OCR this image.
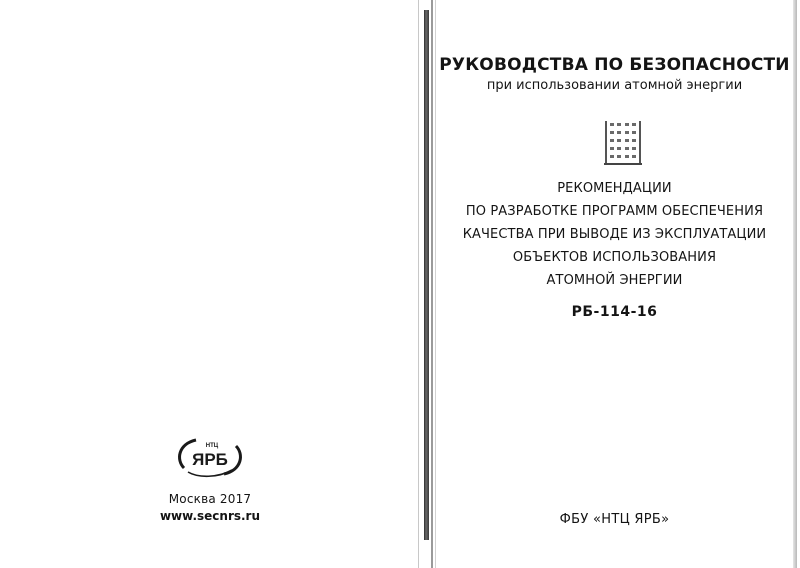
НТЦ
ЯРБ
Москва 2017
www.secnrs.ru
РУКОВОДСТВА ПО БЕЗОПАСНОСТИ
при использовании атомной энергии
РЕКОМЕНДАЦИИ
ПО РАЗРАБОТКЕ ПРОГРАММ ОБЕСПЕЧЕНИЯ
КАЧЕСТВА ПРИ ВЫВОДЕ ИЗ ЭКСПЛУАТАЦИИ
ОБЪЕКТОВ ИСПОЛЬЗОВАНИЯ
АТОМНОЙ ЭНЕРГИИ
РБ-114-16
ФБУ «НТЦ ЯРБ»
